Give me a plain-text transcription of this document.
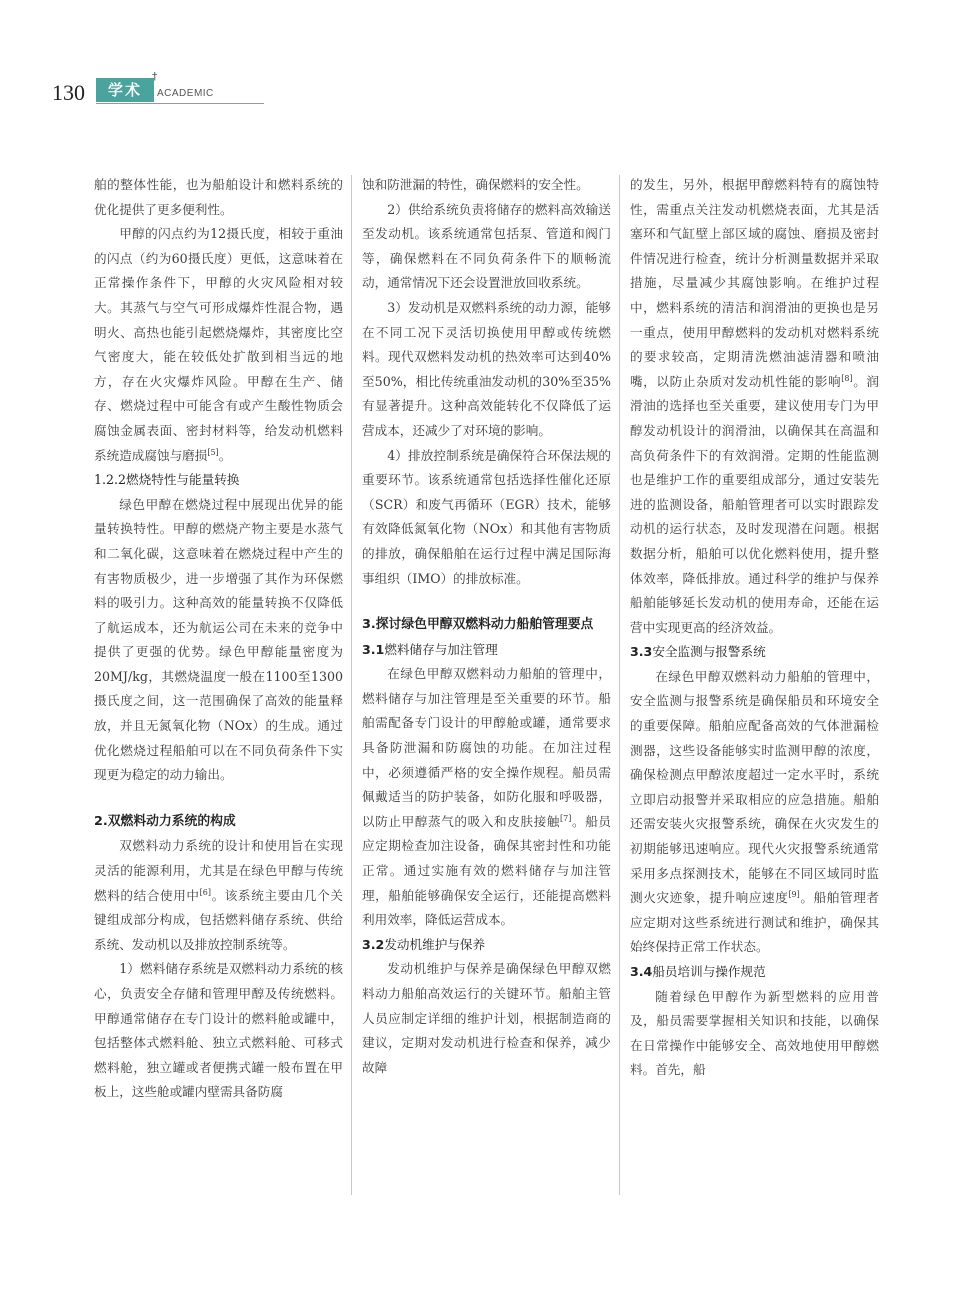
130	学术
†
ACADEMIC

舶的整体性能，也为船舶设计和燃料系统的优化提供了更多便利性。

甲醇的闪点约为12摄氏度，相较于重油的闪点（约为60摄氏度）更低，这意味着在正常操作条件下，甲醇的火灾风险相对较大。其蒸气与空气可形成爆炸性混合物，遇明火、高热也能引起燃烧爆炸，其密度比空气密度大，能在较低处扩散到相当远的地方，存在火灾爆炸风险。甲醇在生产、储存、燃烧过程中可能含有或产生酸性物质会腐蚀金属表面、密封材料等，给发动机燃料系统造成腐蚀与磨损[5]。

1.2.2燃烧特性与能量转换

绿色甲醇在燃烧过程中展现出优异的能量转换特性。甲醇的燃烧产物主要是水蒸气和二氧化碳，这意味着在燃烧过程中产生的有害物质极少，进一步增强了其作为环保燃料的吸引力。这种高效的能量转换不仅降低了航运成本，还为航运公司在未来的竞争中提供了更强的优势。绿色甲醇能量密度为20MJ/kg，其燃烧温度一般在1100至1300摄氏度之间，这一范围确保了高效的能量释放，并且无氮氧化物（NOx）的生成。通过优化燃烧过程船舶可以在不同负荷条件下实现更为稳定的动力输出。

2.双燃料动力系统的构成

双燃料动力系统的设计和使用旨在实现灵活的能源利用，尤其是在绿色甲醇与传统燃料的结合使用中[6]。该系统主要由几个关键组成部分构成，包括燃料储存系统、供给系统、发动机以及排放控制系统等。

1）燃料储存系统是双燃料动力系统的核心，负责安全存储和管理甲醇及传统燃料。甲醇通常储存在专门设计的燃料舱或罐中，包括整体式燃料舱、独立式燃料舱、可移式燃料舱，独立罐或者便携式罐一般布置在甲板上，这些舱或罐内壁需具备防腐

蚀和防泄漏的特性，确保燃料的安全性。

2）供给系统负责将储存的燃料高效输送至发动机。该系统通常包括泵、管道和阀门等，确保燃料在不同负荷条件下的顺畅流动，通常情况下还会设置泄放回收系统。

3）发动机是双燃料系统的动力源，能够在不同工况下灵活切换使用甲醇或传统燃料。现代双燃料发动机的热效率可达到40%至50%，相比传统重油发动机的30%至35%有显著提升。这种高效能转化不仅降低了运营成本，还减少了对环境的影响。

4）排放控制系统是确保符合环保法规的重要环节。该系统通常包括选择性催化还原（SCR）和废气再循环（EGR）技术，能够有效降低氮氧化物（NOx）和其他有害物质的排放，确保船舶在运行过程中满足国际海事组织（IMO）的排放标准。

3.探讨绿色甲醇双燃料动力船舶管理要点
3.1燃料储存与加注管理

在绿色甲醇双燃料动力船舶的管理中，燃料储存与加注管理是至关重要的环节。船舶需配备专门设计的甲醇舱或罐，通常要求具备防泄漏和防腐蚀的功能。在加注过程中，必须遵循严格的安全操作规程。船员需佩戴适当的防护装备，如防化服和呼吸器，以防止甲醇蒸气的吸入和皮肤接触[7]。船员应定期检查加注设备，确保其密封性和功能正常。通过实施有效的燃料储存与加注管理，船舶能够确保安全运行，还能提高燃料利用效率，降低运营成本。

3.2发动机维护与保养

发动机维护与保养是确保绿色甲醇双燃料动力船舶高效运行的关键环节。船舶主管人员应制定详细的维护计划，根据制造商的建议，定期对发动机进行检查和保养，减少故障

的发生，另外，根据甲醇燃料特有的腐蚀特性，需重点关注发动机燃烧表面，尤其是活塞环和气缸壁上部区域的腐蚀、磨损及密封件情况进行检查，统计分析测量数据并采取措施，尽量减少其腐蚀影响。在维护过程中，燃料系统的清洁和润滑油的更换也是另一重点，使用甲醇燃料的发动机对燃料系统的要求较高，定期清洗燃油滤清器和喷油嘴，以防止杂质对发动机性能的影响[8]。润滑油的选择也至关重要，建议使用专门为甲醇发动机设计的润滑油，以确保其在高温和高负荷条件下的有效润滑。定期的性能监测也是维护工作的重要组成部分，通过安装先进的监测设备，船舶管理者可以实时跟踪发动机的运行状态，及时发现潜在问题。根据数据分析，船舶可以优化燃料使用，提升整体效率，降低排放。通过科学的维护与保养船舶能够延长发动机的使用寿命，还能在运营中实现更高的经济效益。

3.3安全监测与报警系统

在绿色甲醇双燃料动力船舶的管理中，安全监测与报警系统是确保船员和环境安全的重要保障。船舶应配备高效的气体泄漏检测器，这些设备能够实时监测甲醇的浓度，确保检测点甲醇浓度超过一定水平时，系统立即启动报警并采取相应的应急措施。船舶还需安装火灾报警系统，确保在火灾发生的初期能够迅速响应。现代火灾报警系统通常采用多点探测技术，能够在不同区域同时监测火灾迹象，提升响应速度[9]。船舶管理者应定期对这些系统进行测试和维护，确保其始终保持正常工作状态。

3.4船员培训与操作规范

随着绿色甲醇作为新型燃料的应用普及，船员需要掌握相关知识和技能，以确保在日常操作中能够安全、高效地使用甲醇燃料。首先，船
